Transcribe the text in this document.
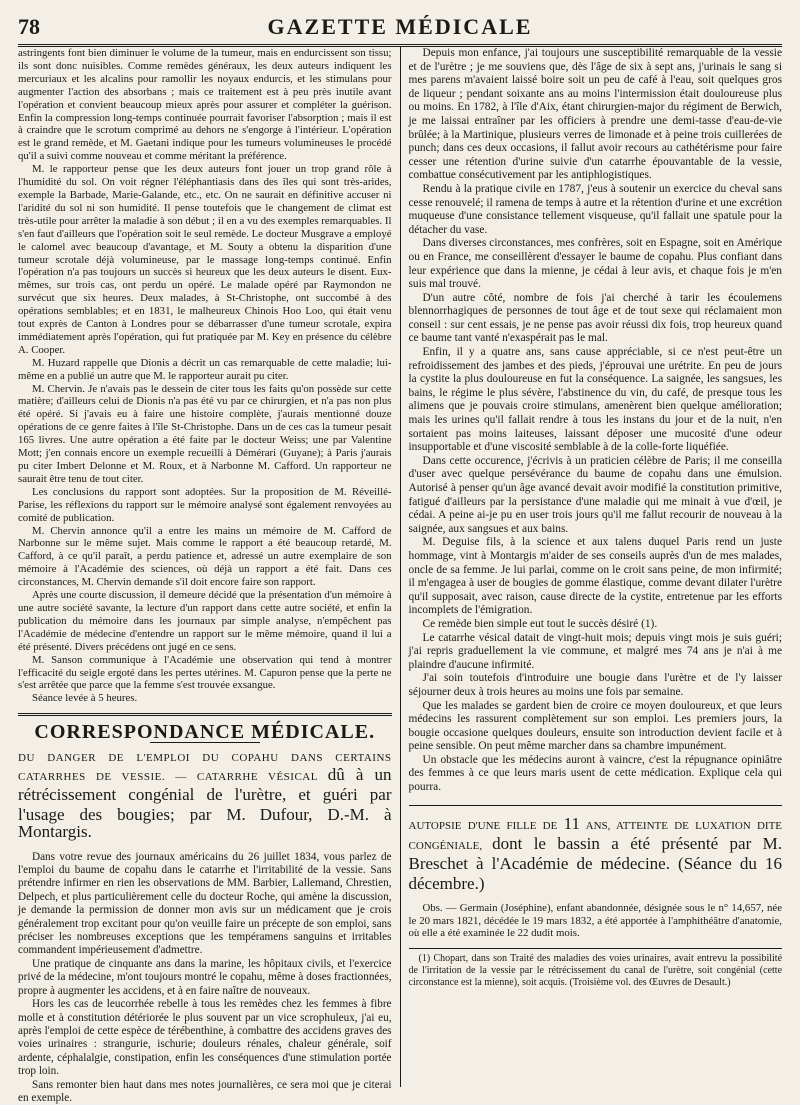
78	GAZETTE MÉDICALE

astringents font bien diminuer le volume de la tumeur, mais en endurcissent son tissu; ils sont donc nuisibles. Comme remèdes généraux, les deux auteurs indiquent les mercuriaux et les alcalins pour ramollir les noyaux endurcis, et les stimulans pour augmenter l'action des absorbans ; mais ce traitement est à peu près inutile avant l'opération et convient beaucoup mieux après pour assurer et compléter la guérison. Enfin la compression long-temps continuée pourrait favoriser l'absorption ; mais il est à craindre que le scrotum comprimé au dehors ne s'engorge à l'intérieur. L'opération est le grand remède, et M. Gaetani indique pour les tumeurs volumineuses le procédé qu'il a suivi comme nouveau et comme méritant la préférence.

M. le rapporteur pense que les deux auteurs font jouer un trop grand rôle à l'humidité du sol. On voit régner l'éléphantiasis dans des îles qui sont très-arides, exemple la Barbade, Marie-Galande, etc., etc. On ne saurait en définitive accuser ni l'aridité du sol ni son humidité. Il pense toutefois que le changement de climat est très-utile pour arrêter la maladie à son début ; il en a vu des exemples remarquables. Il s'en faut d'ailleurs que l'opération soit le seul remède. Le docteur Musgrave a employé le calomel avec beaucoup d'avantage, et M. Souty a obtenu la disparition d'une tumeur scrotale déjà volumineuse, par le massage long-temps continué. Enfin l'opération n'a pas toujours un succès si heureux que les deux auteurs le disent. Eux-mêmes, sur trois cas, ont perdu un opéré. Le malade opéré par Raymondon ne survécut que six heures. Deux malades, à St-Christophe, ont succombé à des opérations semblables; et en 1831, le malheureux Chinois Hoo Loo, qui était venu tout exprès de Canton à Londres pour se débarrasser d'une tumeur scrotale, expira immédiatement après l'opération, qui fut pratiquée par M. Key en présence du célèbre A. Cooper.

M. Huzard rappelle que Dionis a décrit un cas remarquable de cette maladie; lui-même en a publié un autre que M. le rapporteur aurait pu citer.

M. Chervin. Je n'avais pas le dessein de citer tous les faits qu'on possède sur cette matière; d'ailleurs celui de Dionis n'a pas été vu par ce chirurgien, et n'a pas non plus été opéré. Si j'avais eu à faire une histoire complète, j'aurais mentionné douze opérations de ce genre faites à l'île St-Christophe. Dans un de ces cas la tumeur pesait 165 livres. Une autre opération a été faite par le docteur Weiss; une par Valentine Mott; j'en connais encore un exemple recueilli à Démérari (Guyane); à Paris j'aurais pu citer Imbert Delonne et M. Roux, et à Narbonne M. Cafford. Un rapporteur ne saurait être tenu de tout citer.

Les conclusions du rapport sont adoptées. Sur la proposition de M. Réveillé-Parise, les réflexions du rapport sur le mémoire analysé sont également renvoyées au comité de publication.

M. Chervin annonce qu'il a entre les mains un mémoire de M. Cafford de Narbonne sur le même sujet. Mais comme le rapport a été beaucoup retardé, M. Cafford, à ce qu'il paraît, a perdu patience et, adressé un autre exemplaire de son mémoire à l'Académie des sciences, où déjà un rapport a été fait. Dans ces circonstances, M. Chervin demande s'il doit encore faire son rapport.

Après une courte discussion, il demeure décidé que la présentation d'un mémoire à une autre société savante, la lecture d'un rapport dans cette autre société, et enfin la publication du mémoire dans les journaux par simple analyse, n'empêchent pas l'Académie de médecine d'entendre un rapport sur le même mémoire, quand il lui a été présenté. Divers précédens ont jugé en ce sens.

M. Sanson communique à l'Académie une observation qui tend à montrer l'efficacité du seigle ergoté dans les pertes utérines. M. Capuron pense que la perte ne s'est arrêtée que parce que la femme s'est trouvée exsangue.

Séance levée à 5 heures.

CORRESPONDANCE MÉDICALE.

DU DANGER DE L'EMPLOI DU COPAHU DANS CERTAINS CATARRHES DE VESSIE. — CATARRHE VÉSICAL dû à un rétrécissement congénial de l'urètre, et guéri par l'usage des bougies; par M. Dufour, D.-M. à Montargis.

Dans votre revue des journaux américains du 26 juillet 1834, vous parlez de l'emploi du baume de copahu dans le catarrhe et l'irritabilité de la vessie. Sans prétendre infirmer en rien les observations de MM. Barbier, Lallemand, Chrestien, Delpech, et plus particulièrement celle du docteur Roche, qui amène la discussion, je demande la permission de donner mon avis sur un médicament que je crois généralement trop excitant pour qu'on veuille faire un précepte de son emploi, sans préciser les nombreuses exceptions que les tempéramens sanguins et irritables commandent impérieusement d'admettre.

Une pratique de cinquante ans dans la marine, les hôpitaux civils, et l'exercice privé de la médecine, m'ont toujours montré le copahu, même à doses fractionnées, propre à augmenter les accidens, et à en faire naître de nouveaux.

Hors les cas de leucorrhée rebelle à tous les remèdes chez les femmes à fibre molle et à constitution détériorée le plus souvent par un vice scrophuleux, j'ai eu, après l'emploi de cette espèce de térébenthine, à combattre des accidens graves des voies urinaires : strangurie, ischurie; douleurs rénales, chaleur générale, soif ardente, céphalalgie, constipation, enfin les conséquences d'une stimulation portée trop loin.

Sans remonter bien haut dans mes notes journalières, ce sera moi que je citerai en exemple.

Depuis mon enfance, j'ai toujours une susceptibilité remarquable de la vessie et de l'urètre ; je me souviens que, dès l'âge de six à sept ans, j'urinais le sang si mes parens m'avaient laissé boire soit un peu de café à l'eau, soit quelques gros de liqueur ; pendant soixante ans au moins l'intermission était douloureuse plus ou moins. En 1782, à l'île d'Aix, étant chirurgien-major du régiment de Berwich, je me laissai entraîner par les officiers à prendre une demi-tasse d'eau-de-vie brûlée; à la Martinique, plusieurs verres de limonade et à peine trois cuillerées de punch; dans ces deux occasions, il fallut avoir recours au cathétérisme pour faire cesser une rétention d'urine suivie d'un catarrhe épouvantable de la vessie, combattue consécutivement par les antiphlogistiques.

Rendu à la pratique civile en 1787, j'eus à soutenir un exercice du cheval sans cesse renouvelé; il ramena de temps à autre et la rétention d'urine et une excrétion muqueuse d'une consistance tellement visqueuse, qu'il fallait une spatule pour la détacher du vase.

Dans diverses circonstances, mes confrères, soit en Espagne, soit en Amérique ou en France, me conseillèrent d'essayer le baume de copahu. Plus confiant dans leur expérience que dans la mienne, je cédai à leur avis, et chaque fois je m'en suis mal trouvé.

D'un autre côté, nombre de fois j'ai cherché à tarir les écoulemens blennorrhagiques de personnes de tout âge et de tout sexe qui réclamaient mon conseil : sur cent essais, je ne pense pas avoir réussi dix fois, trop heureux quand ce baume tant vanté n'exaspérait pas le mal.

Enfin, il y a quatre ans, sans cause appréciable, si ce n'est peut-être un refroidissement des jambes et des pieds, j'éprouvai une urétrite. En peu de jours la cystite la plus douloureuse en fut la conséquence. La saignée, les sangsues, les bains, le régime le plus sévère, l'abstinence du vin, du café, de presque tous les alimens que je pouvais croire stimulans, amenèrent bien quelque amélioration; mais les urines qu'il fallait rendre à tous les instans du jour et de la nuit, n'en sortaient pas moins laiteuses, laissant déposer une mucosité d'une odeur insupportable et d'une viscosité semblable à de la colle-forte liquéfiée.

Dans cette occurence, j'écrivis à un praticien célèbre de Paris; il me conseilla d'user avec quelque persévérance du baume de copahu dans une émulsion. Autorisé à penser qu'un âge avancé devait avoir modifié la constitution primitive, fatigué d'ailleurs par la persistance d'une maladie qui me minait à vue d'œil, je cédai. A peine ai-je pu en user trois jours qu'il me fallut recourir de nouveau à la saignée, aux sangsues et aux bains.

M. Deguise fils, à la science et aux talens duquel Paris rend un juste hommage, vint à Montargis m'aider de ses conseils auprès d'un de mes malades, oncle de sa femme. Je lui parlai, comme on le croit sans peine, de mon infirmité; il m'engagea à user de bougies de gomme élastique, comme devant dilater l'urètre qu'il supposait, avec raison, cause directe de la cystite, entretenue par les efforts incomplets de l'émigration.

Ce remède bien simple eut tout le succès désiré (1).

Le catarrhe vésical datait de vingt-huit mois; depuis vingt mois je suis guéri; j'ai repris graduellement la vie commune, et malgré mes 74 ans je n'ai à me plaindre d'aucune infirmité.

J'ai soin toutefois d'introduire une bougie dans l'urètre et de l'y laisser séjourner deux à trois heures au moins une fois par semaine.

Que les malades se gardent bien de croire ce moyen douloureux, et que leurs médecins les rassurent complètement sur son emploi. Les premiers jours, la bougie occasione quelques douleurs, ensuite son introduction devient facile et à peine sensible. On peut même marcher dans sa chambre impunément.

Un obstacle que les médecins auront à vaincre, c'est la répugnance opiniâtre des femmes à ce que leurs maris usent de cette médication. Explique cela qui pourra.

AUTOPSIE D'UNE FILLE DE 11 ANS, ATTEINTE DE LUXATION DITE CONGÉNIALE, dont le bassin a été présenté par M. Breschet à l'Académie de médecine. (Séance du 16 décembre.)

Obs. — Germain (Joséphine), enfant abandonnée, désignée sous le n° 14,657, née le 20 mars 1821, décédée le 19 mars 1832, a été apportée à l'amphithéâtre d'anatomie, où elle a été examinée le 22 dudit mois.

(1) Chopart, dans son Traité des maladies des voies urinaires, avait entrevu la possibilité de l'irritation de la vessie par le rétrécissement du canal de l'urètre, soit congénial (cette circonstance est la mienne), soit acquis. (Troisième vol. des Œuvres de Desault.)
